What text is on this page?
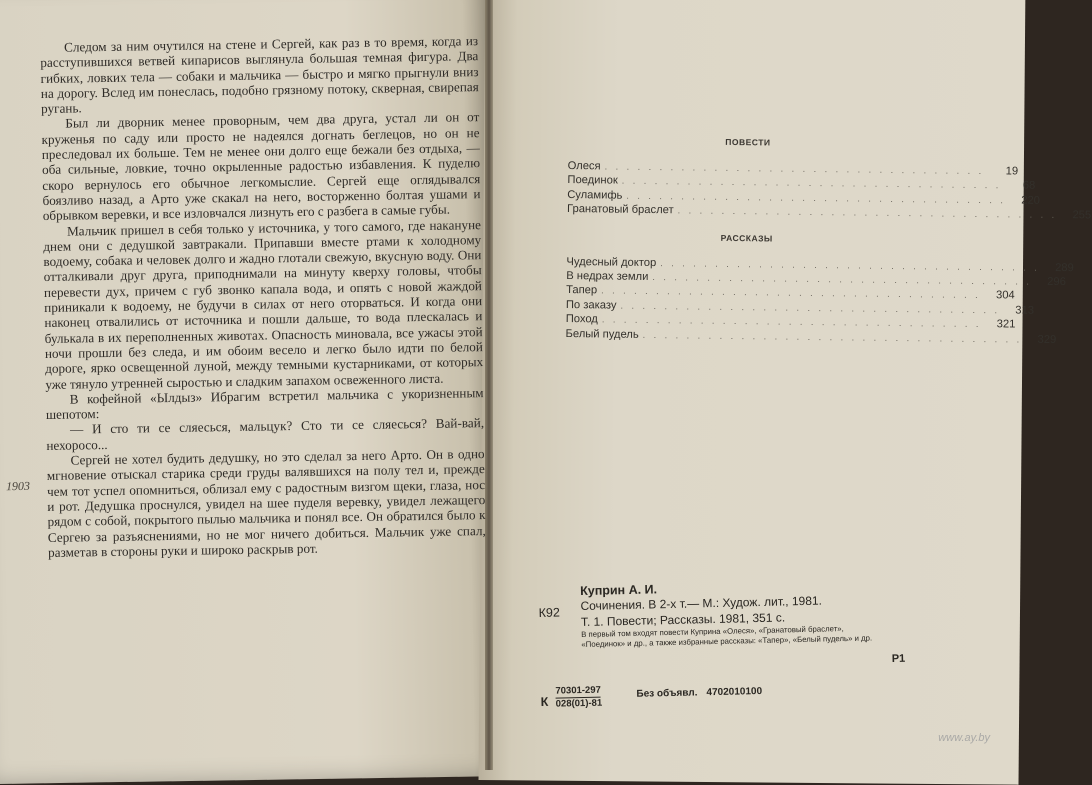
Следом за ним очутился на стене и Сергей, как раз в то время, когда из расступившихся ветвей кипарисов выглянула большая темная фигура. Два гибких, ловких тела — собаки и мальчика — быстро и мягко прыгнули вниз на дорогу. Вслед им понеслась, подобно грязному потоку, скверная, свирепая ругань.

Был ли дворник менее проворным, чем два друга, устал ли он от круженья по саду или просто не надеялся догнать беглецов, но он не преследовал их больше. Тем не менее они долго еще бежали без отдыха, — оба сильные, ловкие, точно окрыленные радостью избавления. К пуделю скоро вернулось его обычное легкомыслие. Сергей еще оглядывался боязливо назад, а Арто уже скакал на него, восторженно болтая ушами и обрывком веревки, и все изловчался лизнуть его с разбега в самые губы.

Мальчик пришел в себя только у источника, у того самого, где накануне днем они с дедушкой завтракали. Припавши вместе ртами к холодному водоему, собака и человек долго и жадно глотали свежую, вкусную воду. Они отталкивали друг друга, приподнимали на минуту кверху головы, чтобы перевести дух, причем с губ звонко капала вода, и опять с новой жаждой приникали к водоему, не будучи в силах от него оторваться. И когда они наконец отвалились от источника и пошли дальше, то вода плескалась и булькала в их переполненных животах. Опасность миновала, все ужасы этой ночи прошли без следа, и им обоим весело и легко было идти по белой дороге, ярко освещенной луной, между темными кустарниками, от которых уже тянуло утренней сыростью и сладким запахом освеженного листа.

В кофейной «Ылдыз» Ибрагим встретил мальчика с укоризненным шепотом:

— И сто ти се сляесься, мальцук? Сто ти се сляесься? Вай-вай, нехоросо...

Сергей не хотел будить дедушку, но это сделал за него Арто. Он в одно мгновение отыскал старика среди груды валявшихся на полу тел и, прежде чем тот успел опомниться, облизал ему с радостным визгом щеки, глаза, нос и рот. Дедушка проснулся, увидел на шее пуделя веревку, увидел лежащего рядом с собой, покрытого пылью мальчика и понял все. Он обратился было к Сергею за разъяснениями, но не мог ничего добиться. Мальчик уже спал, разметав в стороны руки и широко раскрыв рот.

1903
ПОВЕСТИ
Олеся . . . . . . . . . . . . . . . . . . . . . . . . . . . . . . . . . . .	19
Поединок . . . . . . . . . . . . . . . . . . . . . . . . . . . . . . . . . . .	68
Суламифь . . . . . . . . . . . . . . . . . . . . . . . . . . . . . . . . . . .	220
Гранатовый браслет . . . . . . . . . . . . . . . . . . . . . . . . . . . . . . . . . . .	255
РАССКАЗЫ
Чудесный доктор . . . . . . . . . . . . . . . . . . . . . . . . . . . . . . . . . . .	289
В недрах земли . . . . . . . . . . . . . . . . . . . . . . . . . . . . . . . . . . .	296
Тапер . . . . . . . . . . . . . . . . . . . . . . . . . . . . . . . . . . .	304
По заказу . . . . . . . . . . . . . . . . . . . . . . . . . . . . . . . . . . .	313
Поход . . . . . . . . . . . . . . . . . . . . . . . . . . . . . . . . . . .	321
Белый пудель . . . . . . . . . . . . . . . . . . . . . . . . . . . . . . . . . . .	329
Куприн А. И.
К92 Сочинения. В 2-х т.— М.: Худож. лит., 1981.
Т. 1. Повести; Рассказы. 1981, 351 с.
В первый том входят повести Куприна «Олеся», «Гранатовый браслет», «Поединок» и др., а также избранные рассказы: «Тапер», «Белый пудель» и др.
Р1
К
70301-297
028(01)-81
Без объявл. 4702010100
www.ay.by
